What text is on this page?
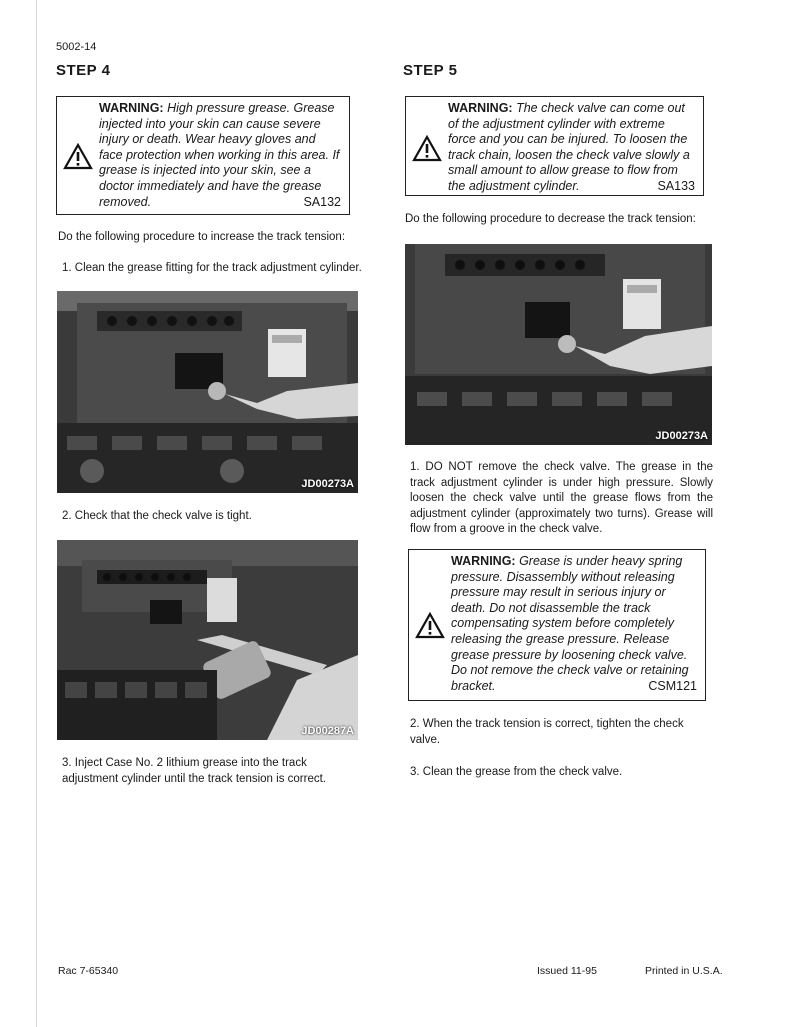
5002-14
STEP 4
WARNING: High pressure grease. Grease injected into your skin can cause severe injury or death. Wear heavy gloves and face protection when working in this area. If grease is injected into your skin, see a doctor immediately and have the grease removed.	SA132
Do the following procedure to increase the track tension:
1. Clean the grease fitting for the track adjustment cylinder.
JD00273A
2. Check that the check valve is tight.
JD00287A
3. Inject Case No. 2 lithium grease into the track adjustment cylinder until the track tension is correct.
STEP 5
WARNING: The check valve can come out of the adjustment cylinder with extreme force and you can be injured. To loosen the track chain, loosen the check valve slowly a small amount to allow grease to flow from the adjustment cylinder.	SA133
Do the following procedure to decrease the track tension:
JD00273A
1. DO NOT remove the check valve. The grease in the track adjustment cylinder is under high pressure. Slowly loosen the check valve until the grease flows from the adjustment cylinder (approximately two turns). Grease will flow from a groove in the check valve.
WARNING: Grease is under heavy spring pressure. Disassembly without releasing pressure may result in serious injury or death. Do not disassemble the track compensating system before completely releasing the grease pressure. Release grease pressure by loosening check valve. Do not remove the check valve or retaining bracket.	CSM121
2. When the track tension is correct, tighten the check valve.
3. Clean the grease from the check valve.
Rac 7-65340	Issued 11-95	Printed in U.S.A.
